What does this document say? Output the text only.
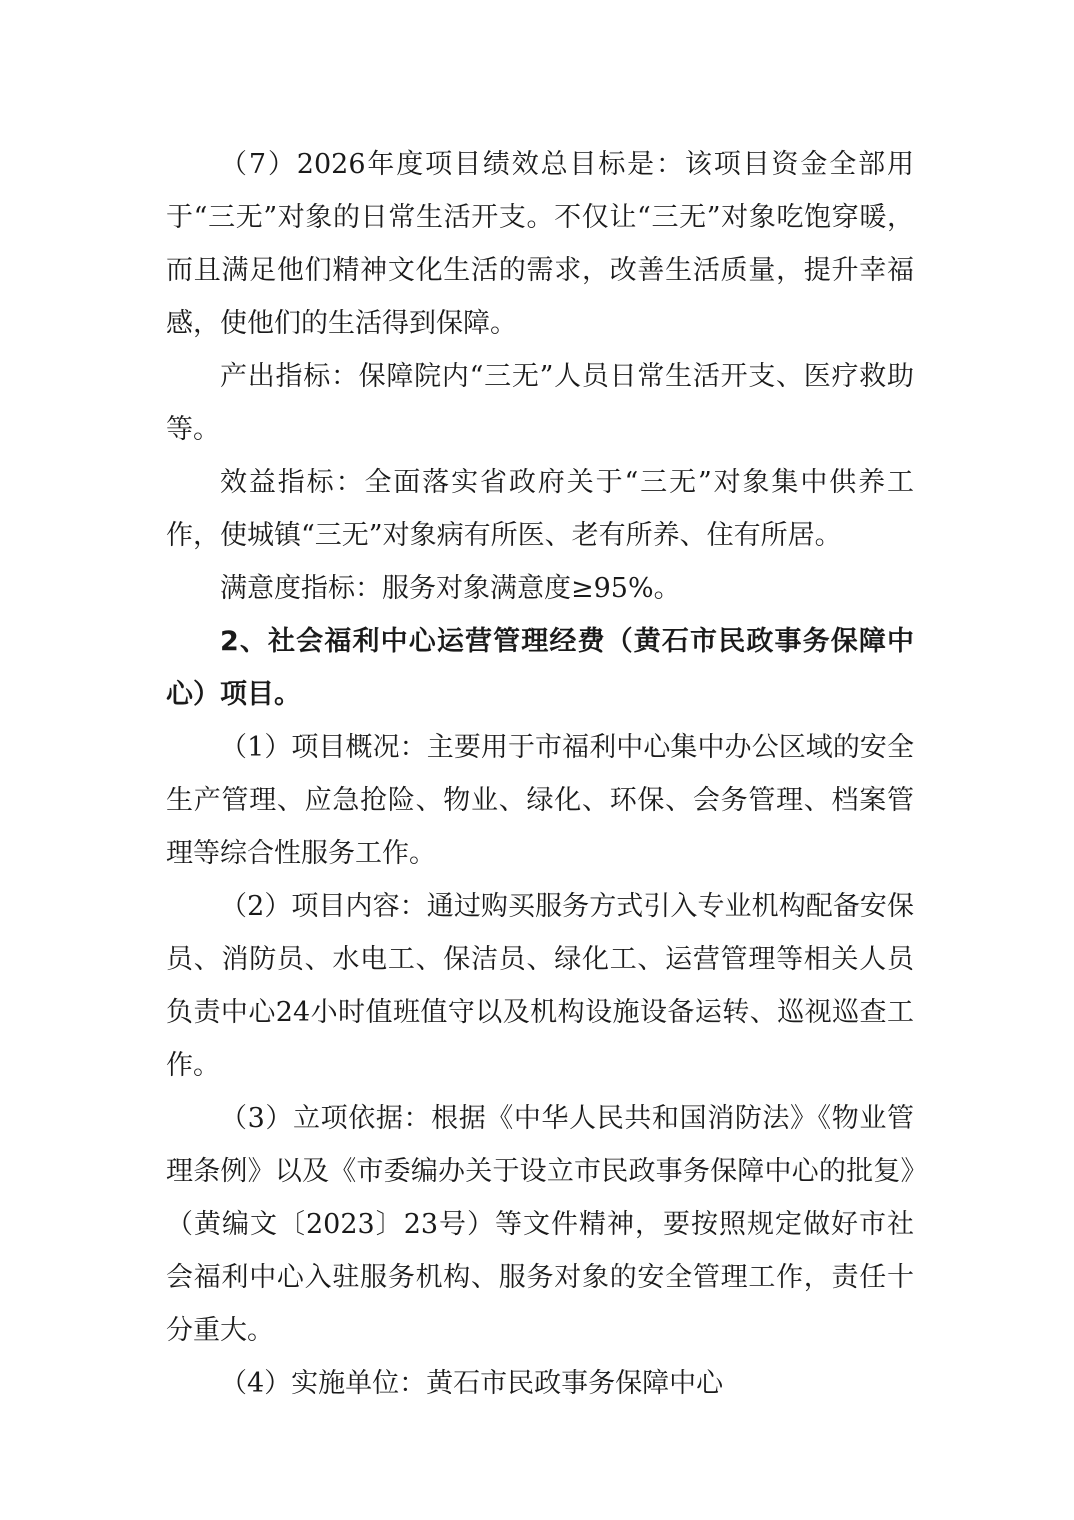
（7）2026年度项目绩效总目标是：该项目资金全部用于“三无”对象的日常生活开支。不仅让“三无”对象吃饱穿暖，而且满足他们精神文化生活的需求，改善生活质量，提升幸福感，使他们的生活得到保障。

产出指标：保障院内“三无”人员日常生活开支、医疗救助等。

效益指标：全面落实省政府关于“三无”对象集中供养工作，使城镇“三无”对象病有所医、老有所养、住有所居。

满意度指标：服务对象满意度≥95%。

2、社会福利中心运营管理经费（黄石市民政事务保障中心）项目。

（1）项目概况：主要用于市福利中心集中办公区域的安全生产管理、应急抢险、物业、绿化、环保、会务管理、档案管理等综合性服务工作。

（2）项目内容：通过购买服务方式引入专业机构配备安保员、消防员、水电工、保洁员、绿化工、运营管理等相关人员负责中心24小时值班值守以及机构设施设备运转、巡视巡查工作。

（3）立项依据：根据《中华人民共和国消防法》《物业管理条例》以及《市委编办关于设立市民政事务保障中心的批复》（黄编文〔2023〕23号）等文件精神，要按照规定做好市社会福利中心入驻服务机构、服务对象的安全管理工作，责任十分重大。

（4）实施单位：黄石市民政事务保障中心
